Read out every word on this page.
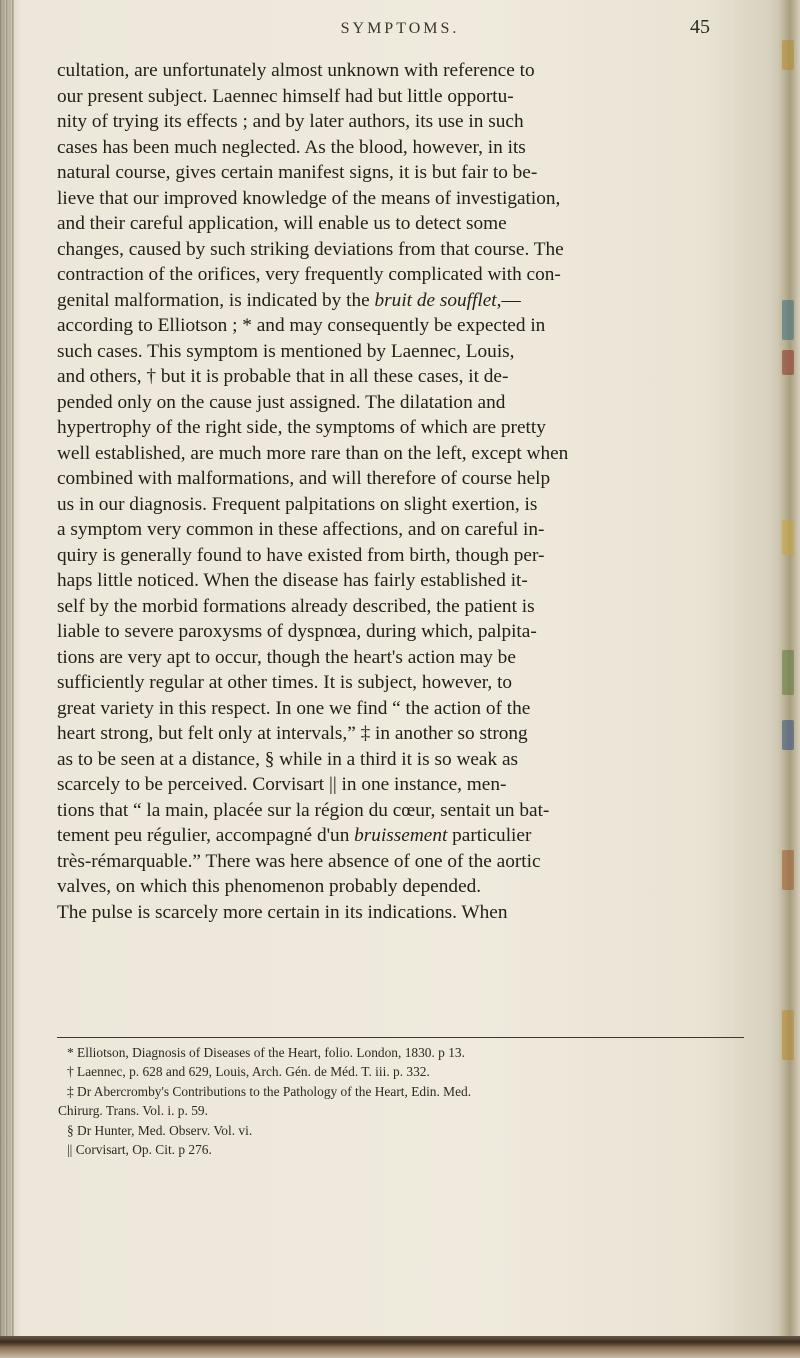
SYMPTOMS.	45
cultation, are unfortunately almost unknown with reference to
our present subject. Laennec himself had but little opportu-
nity of trying its effects ; and by later authors, its use in such
cases has been much neglected. As the blood, however, in its
natural course, gives certain manifest signs, it is but fair to be-
lieve that our improved knowledge of the means of investigation,
and their careful application, will enable us to detect some
changes, caused by such striking deviations from that course. The
contraction of the orifices, very frequently complicated with con-
genital malformation, is indicated by the bruit de soufflet,—
according to Elliotson ; * and may consequently be expected in
such cases. This symptom is mentioned by Laennec, Louis,
and others, † but it is probable that in all these cases, it de-
pended only on the cause just assigned. The dilatation and
hypertrophy of the right side, the symptoms of which are pretty
well established, are much more rare than on the left, except when
combined with malformations, and will therefore of course help
us in our diagnosis. Frequent palpitations on slight exertion, is
a symptom very common in these affections, and on careful in-
quiry is generally found to have existed from birth, though per-
haps little noticed. When the disease has fairly established it-
self by the morbid formations already described, the patient is
liable to severe paroxysms of dyspnœa, during which, palpita-
tions are very apt to occur, though the heart's action may be
sufficiently regular at other times. It is subject, however, to
great variety in this respect. In one we find “ the action of the
heart strong, but felt only at intervals,” ‡ in another so strong
as to be seen at a distance, § while in a third it is so weak as
scarcely to be perceived. Corvisart || in one instance, men-
tions that “ la main, placée sur la région du cœur, sentait un bat-
tement peu régulier, accompagné d'un bruissement particulier
très-rémarquable.” There was here absence of one of the aortic
valves, on which this phenomenon probably depended.
The pulse is scarcely more certain in its indications. When
* Elliotson, Diagnosis of Diseases of the Heart, folio. London, 1830. p 13.
† Laennec, p. 628 and 629, Louis, Arch. Gén. de Méd. T. iii. p. 332.
‡ Dr Abercromby's Contributions to the Pathology of the Heart, Edin. Med.
Chirurg. Trans. Vol. i. p. 59.
§ Dr Hunter, Med. Observ. Vol. vi.
|| Corvisart, Op. Cit. p 276.
